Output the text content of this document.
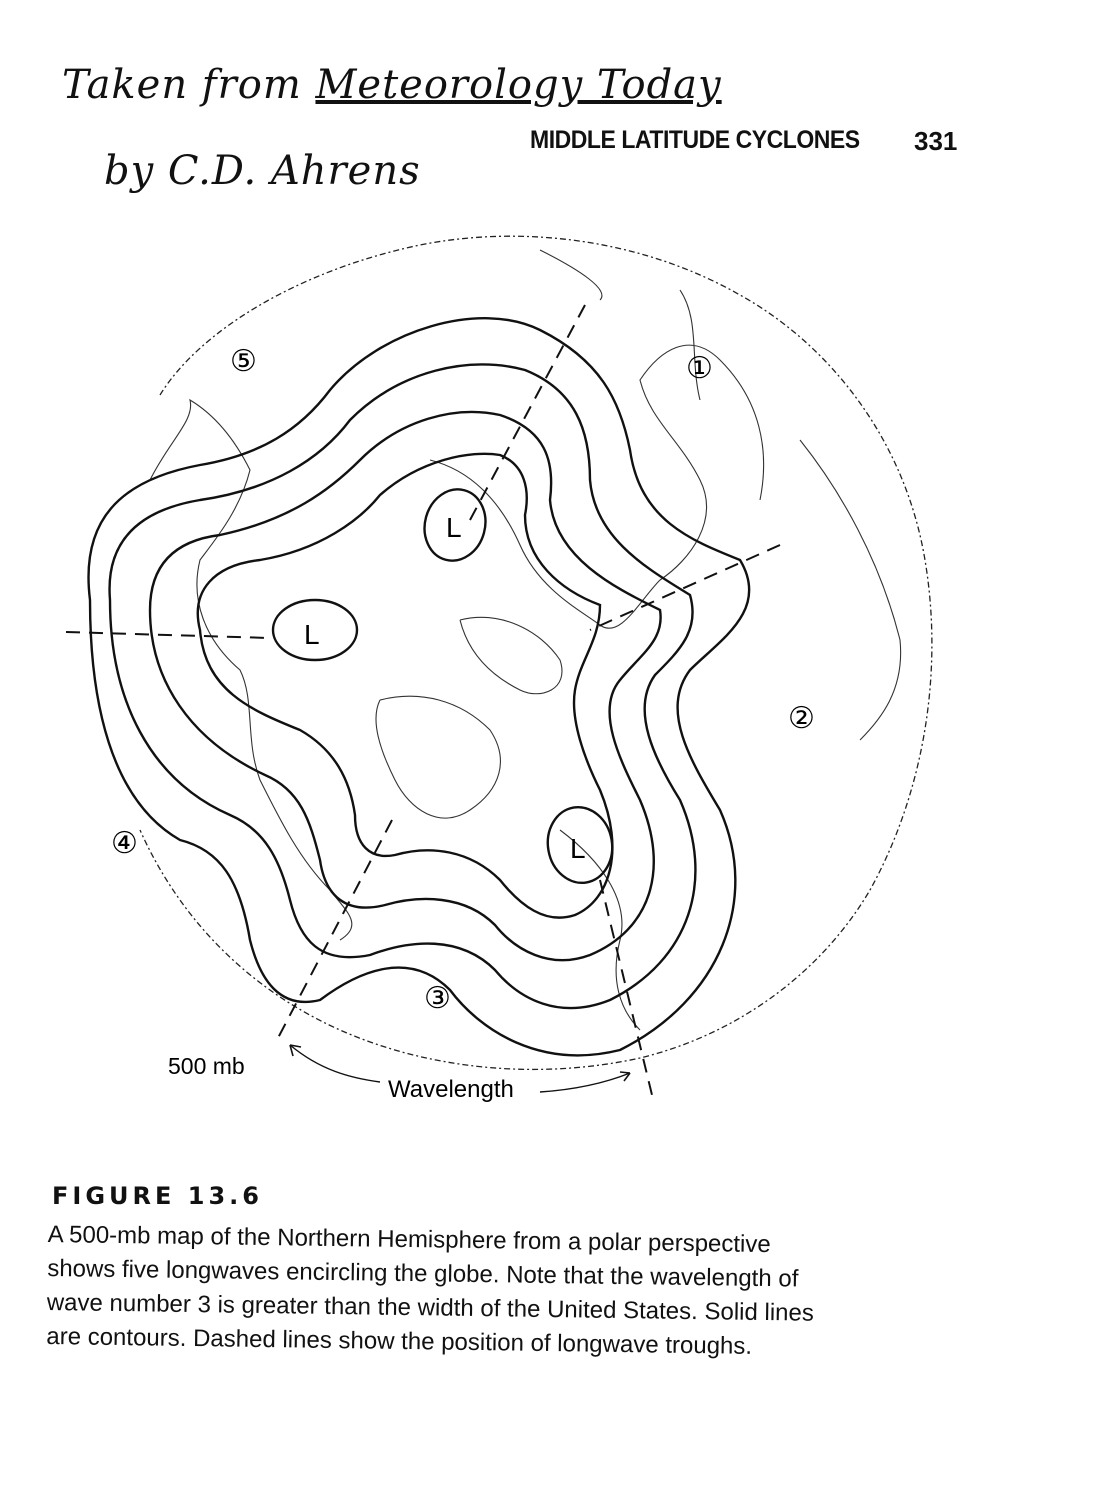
Taken from Meteorology Today
by C.D. Ahrens
MIDDLE LATITUDE CYCLONES 331
L
L
L
Wavelength
500 mb
①
②
③
④
⑤
FIGURE 13.6
A 500-mb map of the Northern Hemisphere from a polar perspective shows five longwaves encircling the globe. Note that the wavelength of wave number 3 is greater than the width of the United States. Solid lines are contours. Dashed lines show the position of longwave troughs.
